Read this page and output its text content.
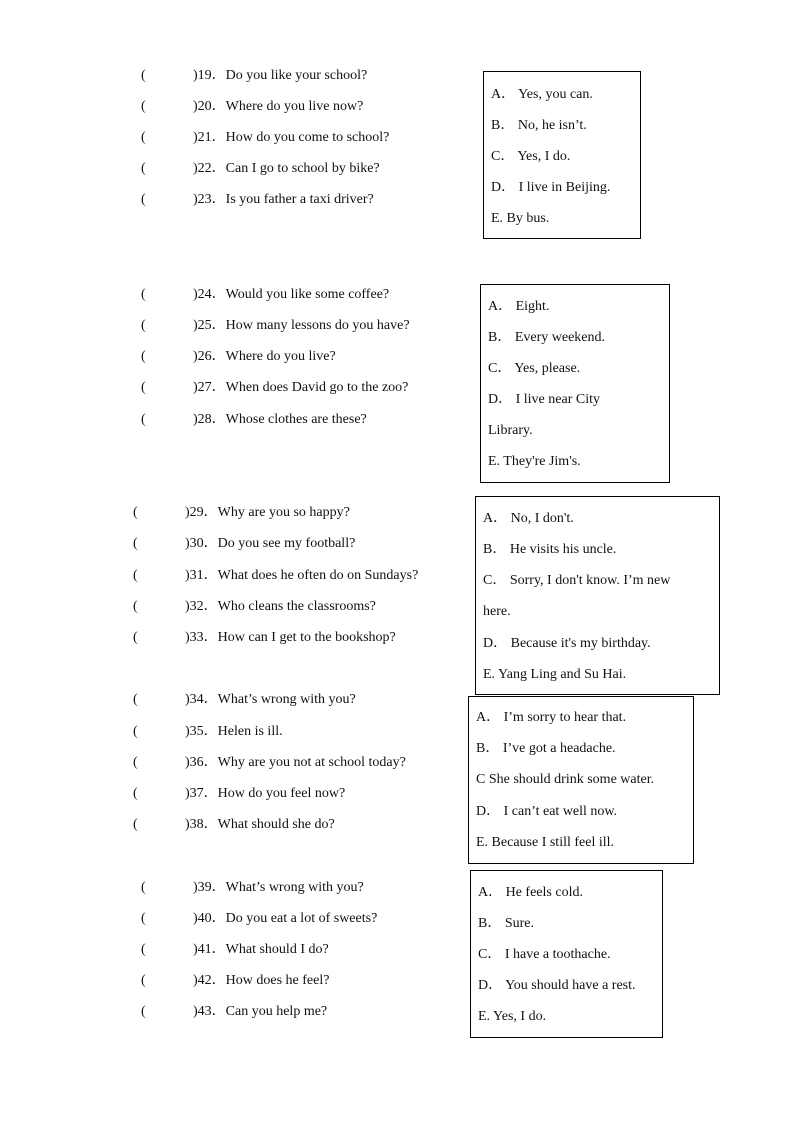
(	)19．Do you like your school?
(	)20．Where do you live now?
(	)21．How do you come to school?
(	)22．Can I go to school by bike?
(	)23．Is you father a taxi driver?
A． Yes, you can.
B． No, he isn’t.
C． Yes, I do.
D． I live in Beijing.
E. By bus.
(	)24．Would you like some coffee?
(	)25．How many lessons do you have?
(	)26．Where do you live?
(	)27．When does David go to the zoo?
(	)28．Whose clothes are these?
A． Eight.
B． Every weekend.
C． Yes, please.
D． I live near City
Library.
E. They're Jim's.
(	)29．Why are you so happy?
(	)30．Do you see my football?
(	)31．What does he often do on Sundays?
(	)32．Who cleans the classrooms?
(	)33．How can I get to the bookshop?
A． No, I don't.
B． He visits his uncle.
C． Sorry, I don't know. I’m new
here.
D． Because it's my birthday.
E. Yang Ling and Su Hai.
(	)34．What’s wrong with you?
(	)35．Helen is ill.
(	)36．Why are you not at school today?
(	)37．How do you feel now?
(	)38．What should she do?
A． I’m sorry to hear that.
B． I’ve got a headache.
C She should drink some water.
D． I can’t eat well now.
E. Because I still feel ill.
(	)39．What’s wrong with you?
(	)40．Do you eat a lot of sweets?
(	)41．What should I do?
(	)42．How does he feel?
(	)43．Can you help me?
A． He feels cold.
B． Sure.
C． I have a toothache.
D． You should have a rest.
E. Yes, I do.
